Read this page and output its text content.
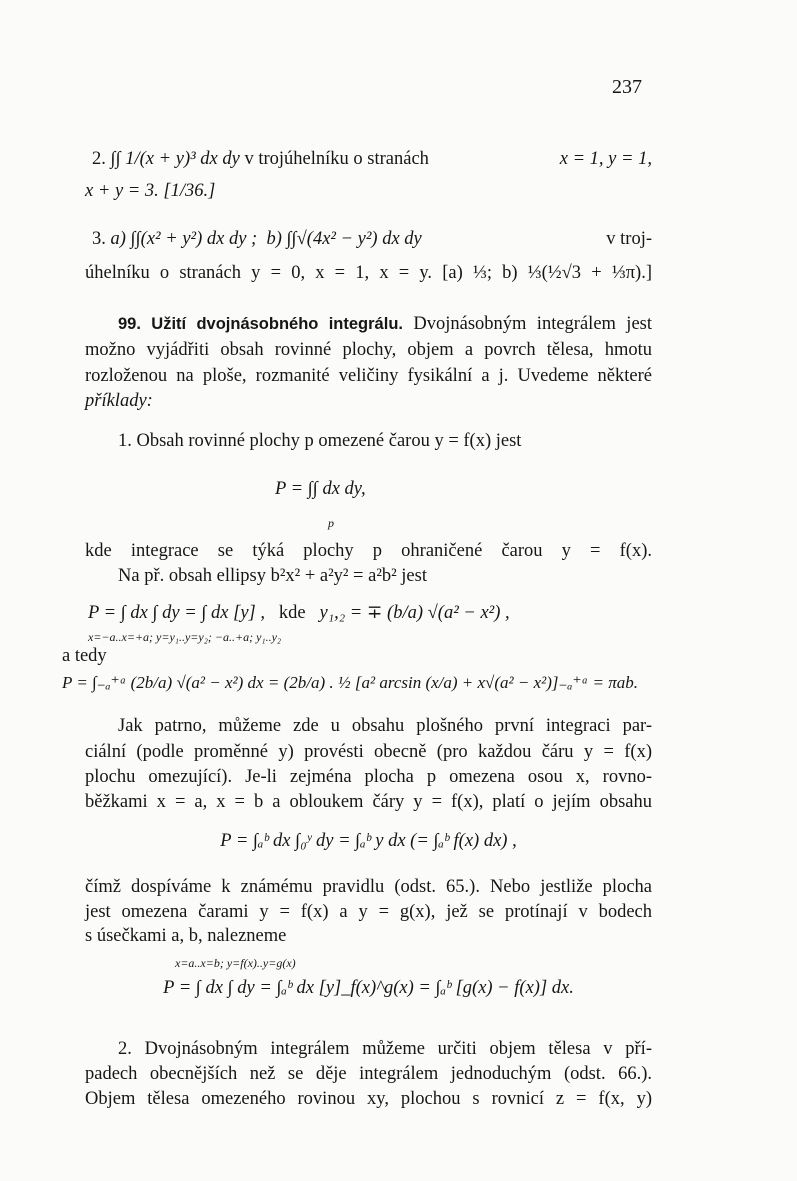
237
2. ∫∫ 1/(x + y)³ dx dy v trojúhelníku o stranách	x = 1, y = 1,
x + y = 3. [1/36.]
3. a) ∫∫(x² + y²) dx dy ; b) ∫∫√(4x² − y²) dx dy	v troj-
úhelníku o stranách y = 0, x = 1, x = y. [a) ⅓; b) ⅓(½√3 + ⅓π).]
99. Užití dvojnásobného integrálu. Dvojnásobným integrálem jest
možno vyjádřiti obsah rovinné plochy, objem a povrch tělesa, hmotu
rozloženou na ploše, rozmanité veličiny fysikální a j. Uvedeme některé
příklady:
1. Obsah rovinné plochy p omezené čarou y = f(x) jest
P = ∫∫ dx dy,
p
kde integrace se týká plochy p ohraničené čarou y = f(x).
Na př. obsah ellipsy b²x² + a²y² = a²b² jest
P = ∫ dx ∫ dy = ∫ dx [y] , kde y₁,₂ = ∓ (b/a) √(a² − x²) ,
x=−a..x=+a; y=y₁..y=y₂; −a..+a; y₁..y₂
a tedy
P = ∫₋ₐ⁺ᵃ (2b/a) √(a² − x²) dx = (2b/a) . ½ [a² arcsin (x/a) + x√(a² − x²)]₋ₐ⁺ᵃ = πab.
Jak patrno, můžeme zde u obsahu plošného první integraci par-
ciální (podle proměnné y) provésti obecně (pro každou čáru y = f(x)
plochu omezující). Je-li zejména plocha p omezena osou x, rovno-
běžkami x = a, x = b a obloukem čáry y = f(x), platí o jejím obsahu
P = ∫ₐᵇ dx ∫₀ʸ dy = ∫ₐᵇ y dx (= ∫ₐᵇ f(x) dx) ,
čímž dospíváme k známému pravidlu (odst. 65.). Nebo jestliže plocha
jest omezena čarami y = f(x) a y = g(x), jež se protínají v bodech
s úsečkami a, b, nalezneme
x=a..x=b; y=f(x)..y=g(x)
P = ∫ dx ∫ dy = ∫ₐᵇ dx [y]_f(x)^g(x) = ∫ₐᵇ [g(x) − f(x)] dx.
2. Dvojnásobným integrálem můžeme určiti objem tělesa v pří-
padech obecnějších než se děje integrálem jednoduchým (odst. 66.).
Objem tělesa omezeného rovinou xy, plochou s rovnicí z = f(x, y)
